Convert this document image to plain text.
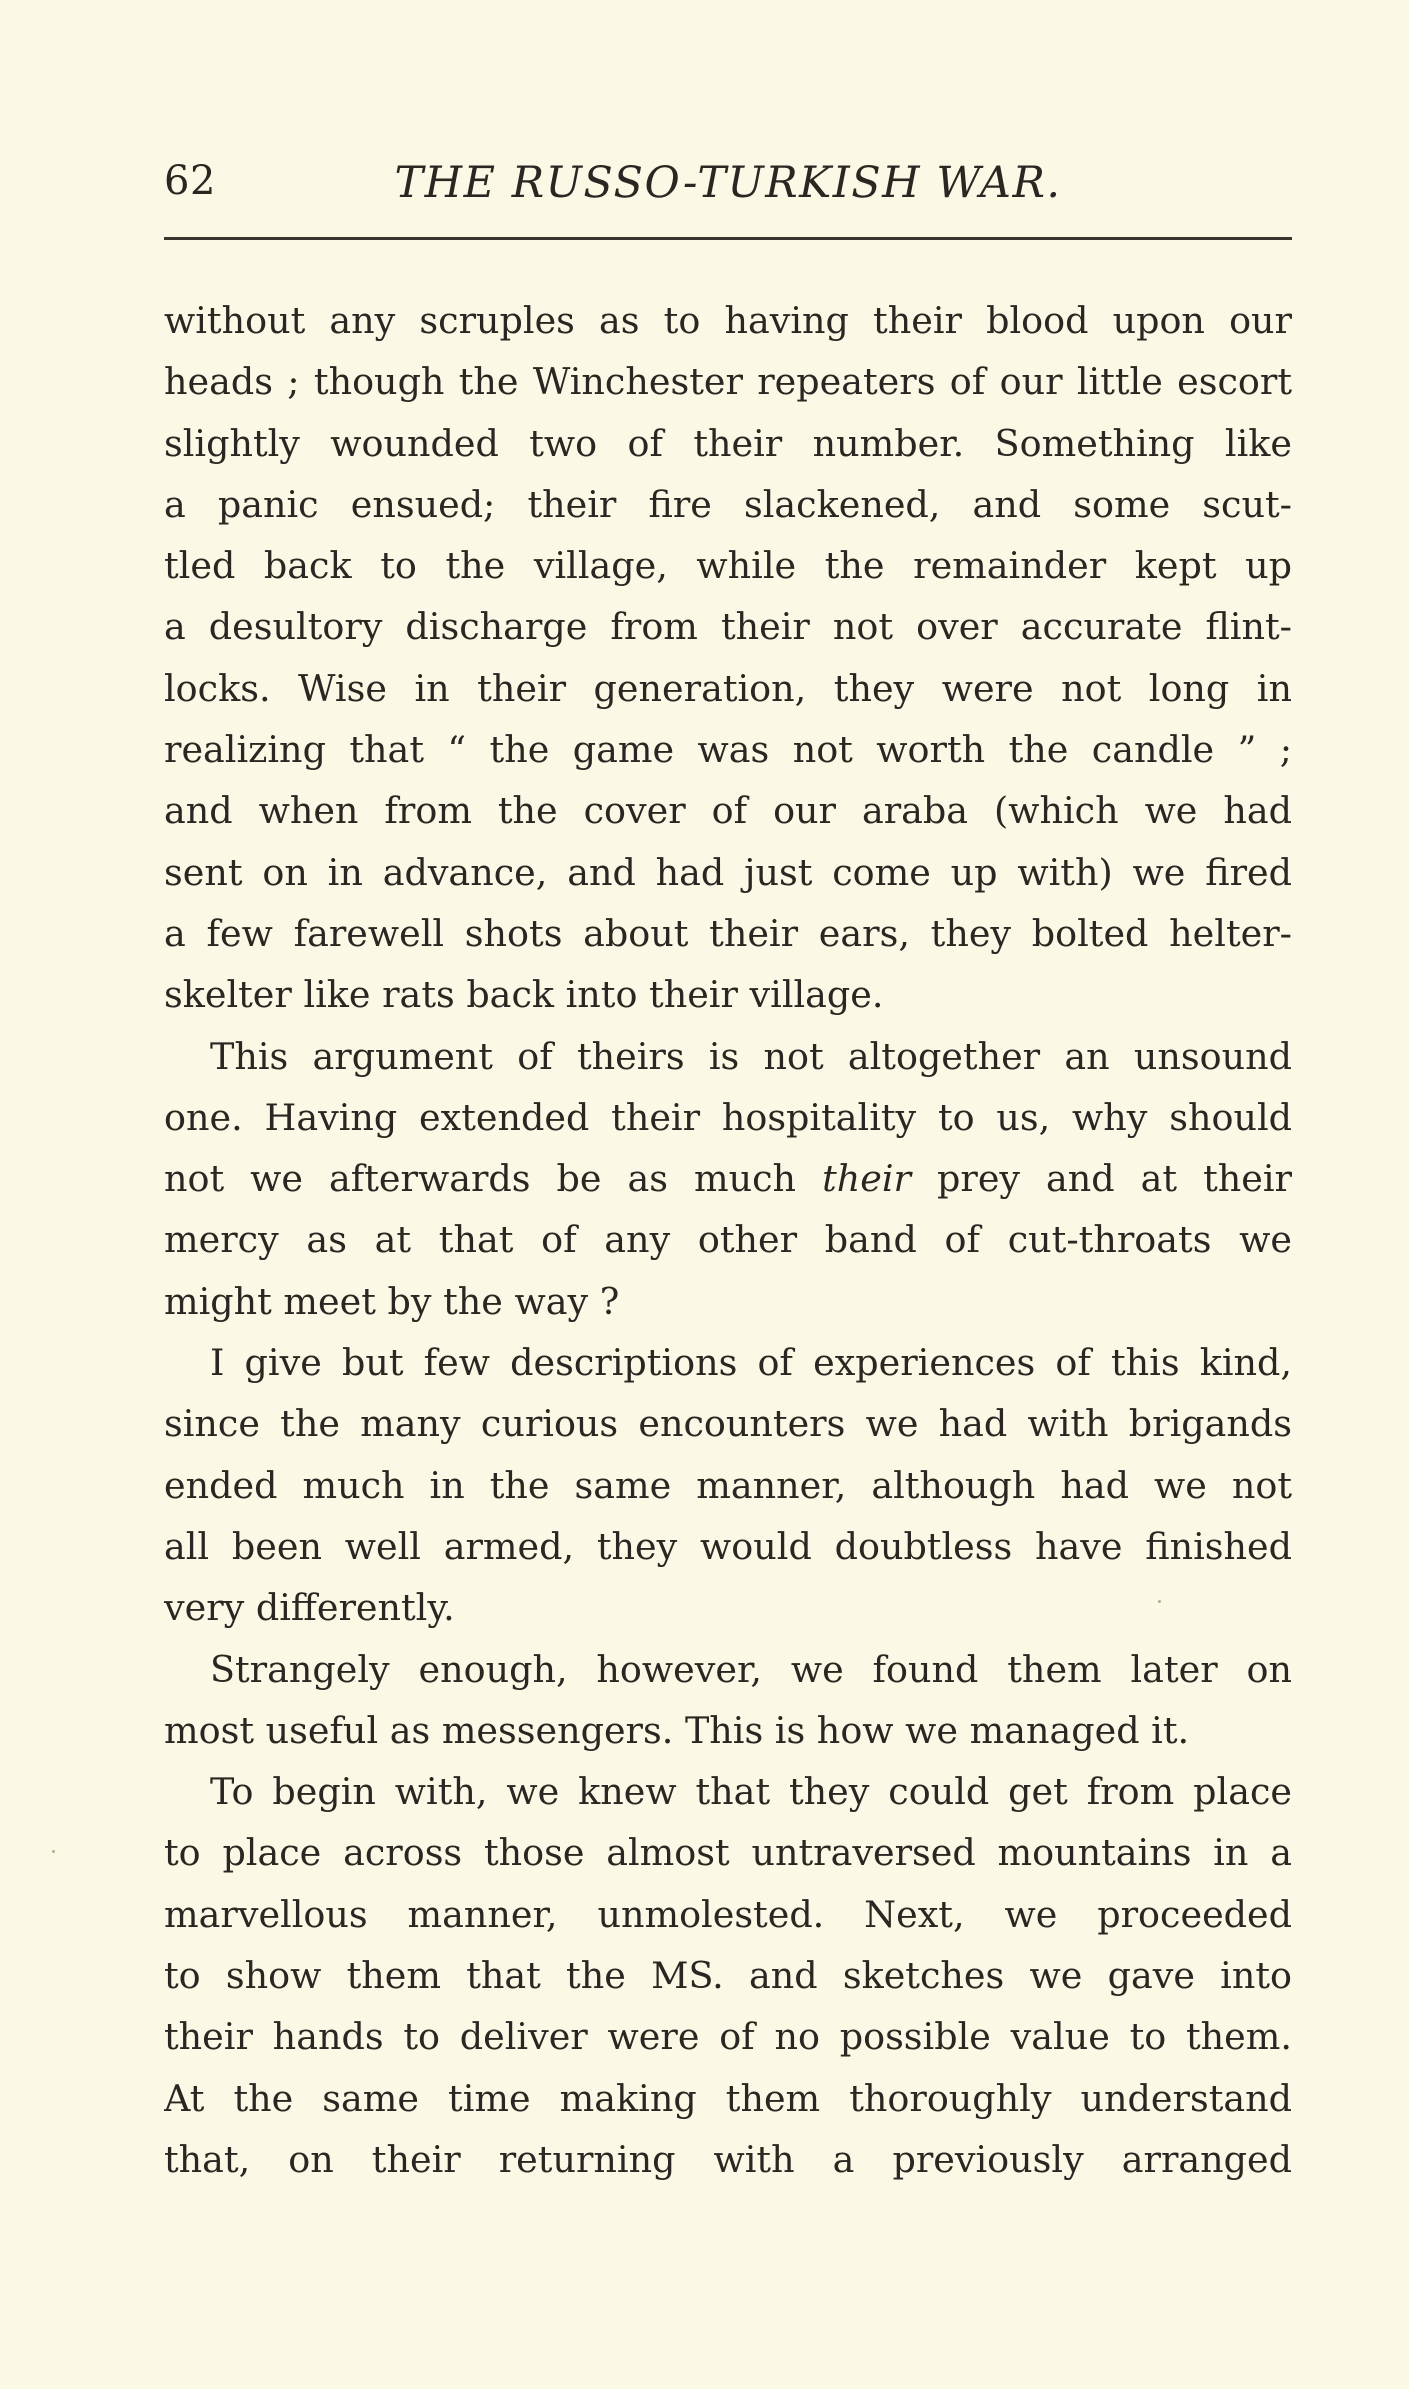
62	THE RUSSO-TURKISH WAR.
without any scruples as to having their blood upon our
heads ; though the Winchester repeaters of our little escort
slightly wounded two of their number. Something like
a panic ensued; their fire slackened, and some scut-
tled back to the village, while the remainder kept up
a desultory discharge from their not over accurate flint-
locks. Wise in their generation, they were not long in
realizing that “ the game was not worth the candle ” ;
and when from the cover of our araba (which we had
sent on in advance, and had just come up with) we fired
a few farewell shots about their ears, they bolted helter-
skelter like rats back into their village.
This argument of theirs is not altogether an unsound
one. Having extended their hospitality to us, why should
not we afterwards be as much their prey and at their
mercy as at that of any other band of cut-throats we
might meet by the way ?
I give but few descriptions of experiences of this kind,
since the many curious encounters we had with brigands
ended much in the same manner, although had we not
all been well armed, they would doubtless have finished
very differently.
Strangely enough, however, we found them later on
most useful as messengers. This is how we managed it.
To begin with, we knew that they could get from place
to place across those almost untraversed mountains in a
marvellous manner, unmolested. Next, we proceeded
to show them that the MS. and sketches we gave into
their hands to deliver were of no possible value to them.
At the same time making them thoroughly understand
that, on their returning with a previously arranged
